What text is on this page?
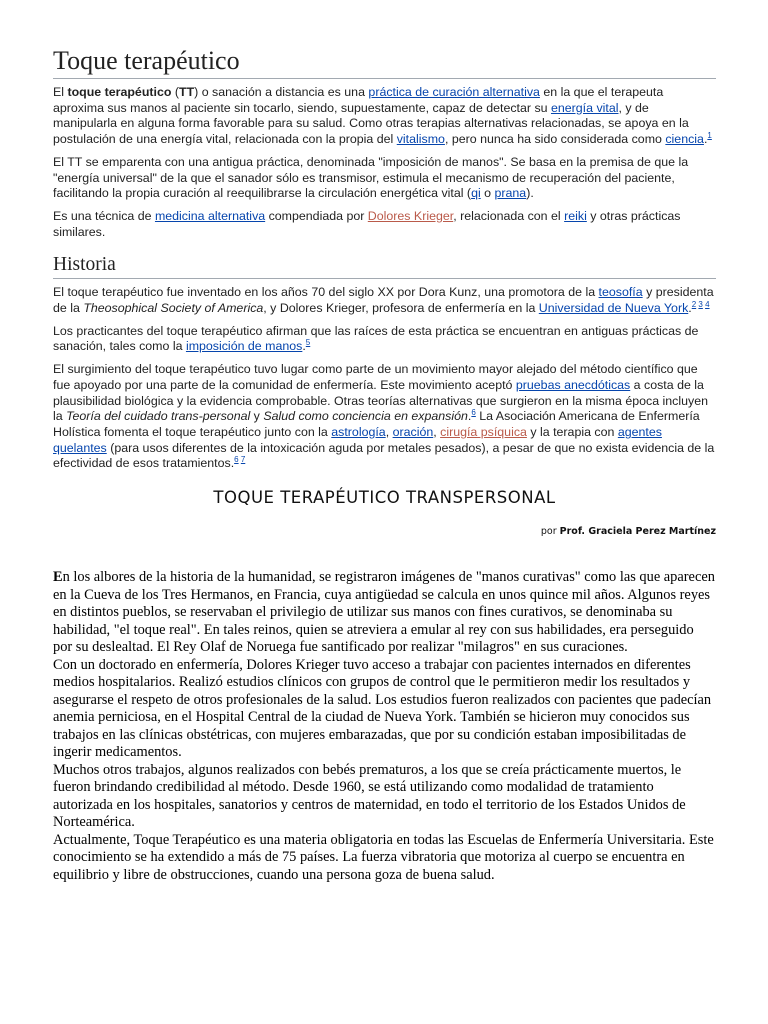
Toque terapéutico

El toque terapéutico (TT) o sanación a distancia es una práctica de curación alternativa en la que el terapeuta aproxima sus manos al paciente sin tocarlo, siendo, supuestamente, capaz de detectar su energía vital, y de manipularla en alguna forma favorable para su salud. Como otras terapias alternativas relacionadas, se apoya en la postulación de una energía vital, relacionada con la propia del vitalismo, pero nunca ha sido considerada como ciencia.$^1$

El TT se emparenta con una antigua práctica, denominada "imposición de manos". Se basa en la premisa de que la "energía universal" de la que el sanador sólo es transmisor, estimula el mecanismo de recuperación del paciente, facilitando la propia curación al reequilibrarse la circulación energética vital (qi o prana).

Es una técnica de medicina alternativa compendiada por Dolores Krieger, relacionada con el reiki y otras prácticas similares.

Historia

El toque terapéutico fue inventado en los años 70 del siglo XX por Dora Kunz, una promotora de la teosofía y presidenta de la Theosophical Society of America, y Dolores Krieger, profesora de enfermería en la Universidad de Nueva York.$^{2 3 4}$

Los practicantes del toque terapéutico afirman que las raíces de esta práctica se encuentran en antiguas prácticas de sanación, tales como la imposición de manos.$^5$

El surgimiento del toque terapéutico tuvo lugar como parte de un movimiento mayor alejado del método científico que fue apoyado por una parte de la comunidad de enfermería. Este movimiento aceptó pruebas anecdóticas a costa de la plausibilidad biológica y la evidencia comprobable. Otras teorías alternativas que surgieron en la misma época incluyen la Teoría del cuidado trans-personal y Salud como conciencia en expansión.$^6$ La Asociación Americana de Enfermería Holística fomenta el toque terapéutico junto con la astrología, oración, cirugía psíquica y la terapia con agentes quelantes (para usos diferentes de la intoxicación aguda por metales pesados), a pesar de que no exista evidencia de la efectividad de esos tratamientos.$^{6 7}$

TOQUE TERAPÉUTICO TRANSPERSONAL
por Prof. Graciela Perez Martínez

En los albores de la historia de la humanidad, se registraron imágenes de "manos curativas" como las que aparecen en la Cueva de los Tres Hermanos, en Francia, cuya antigüedad se calcula en unos quince mil años. Algunos reyes en distintos pueblos, se reservaban el privilegio de utilizar sus manos con fines curativos, se denominaba su habilidad, "el toque real". En tales reinos, quien se atreviera a emular al rey con sus habilidades, era perseguido por su deslealtad. El Rey Olaf de Noruega fue santificado por realizar "milagros" en sus curaciones.

Con un doctorado en enfermería, Dolores Krieger tuvo acceso a trabajar con pacientes internados en diferentes medios hospitalarios. Realizó estudios clínicos con grupos de control que le permitieron medir los resultados y asegurarse el respeto de otros profesionales de la salud. Los estudios fueron realizados con pacientes que padecían anemia perniciosa, en el Hospital Central de la ciudad de Nueva York. También se hicieron muy conocidos sus trabajos en las clínicas obstétricas, con mujeres embarazadas, que por su condición estaban imposibilitadas de ingerir medicamentos.

Muchos otros trabajos, algunos realizados con bebés prematuros, a los que se creía prácticamente muertos, le fueron brindando credibilidad al método. Desde 1960, se está utilizando como modalidad de tratamiento autorizada en los hospitales, sanatorios y centros de maternidad, en todo el territorio de los Estados Unidos de Norteamérica.

Actualmente, Toque Terapéutico es una materia obligatoria en todas las Escuelas de Enfermería Universitaria. Este conocimiento se ha extendido a más de 75 países. La fuerza vibratoria que motoriza al cuerpo se encuentra en equilibrio y libre de obstrucciones, cuando una persona goza de buena salud.
